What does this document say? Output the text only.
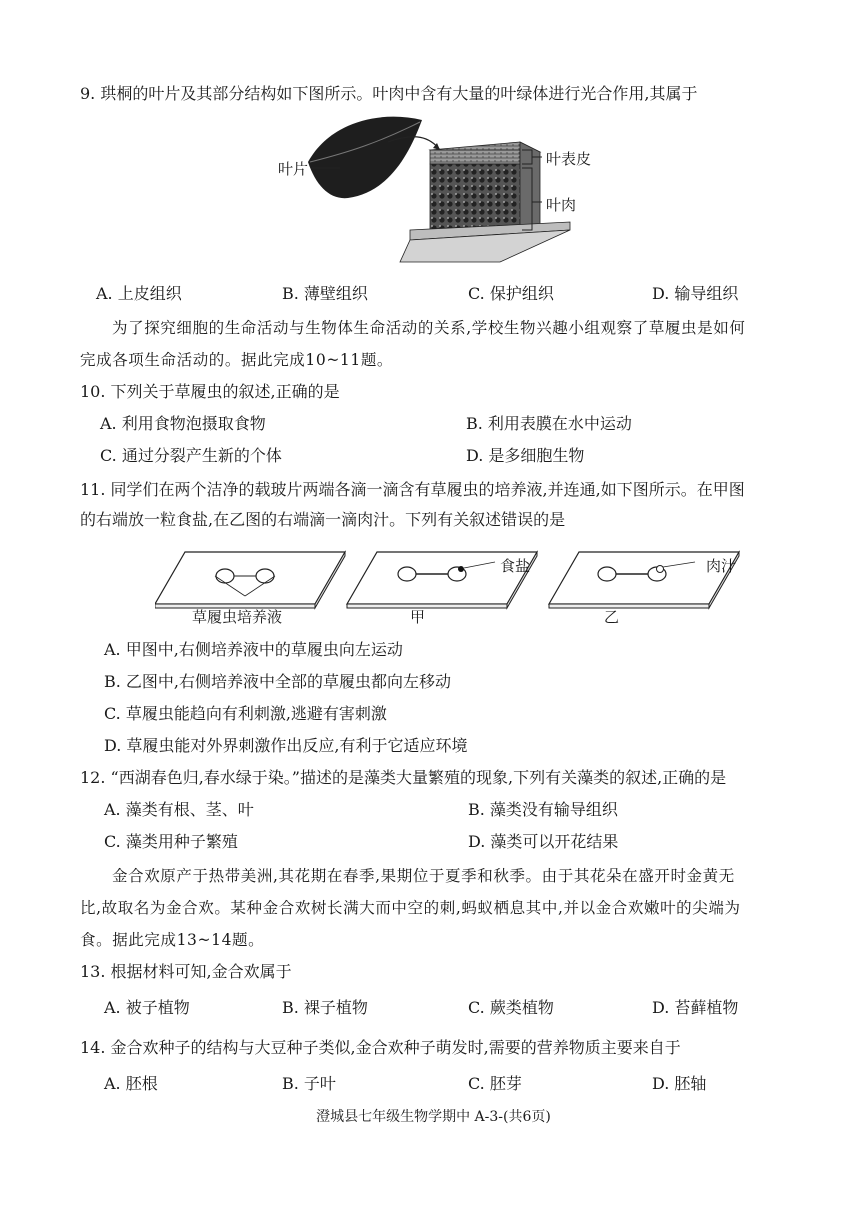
9. 珙桐的叶片及其部分结构如下图所示。叶肉中含有大量的叶绿体进行光合作用,其属于
叶片
叶表皮
叶肉
A. 上皮组织	B. 薄壁组织	C. 保护组织	D. 输导组织
为了探究细胞的生命活动与生物体生命活动的关系,学校生物兴趣小组观察了草履虫是如何
完成各项生命活动的。据此完成10~11题。
10. 下列关于草履虫的叙述,正确的是
A. 利用食物泡摄取食物	B. 利用表膜在水中运动
C. 通过分裂产生新的个体	D. 是多细胞生物
11. 同学们在两个洁净的载玻片两端各滴一滴含有草履虫的培养液,并连通,如下图所示。在甲图
的右端放一粒食盐,在乙图的右端滴一滴肉汁。下列有关叙述错误的是
食盐	肉汁
草履虫培养液	甲	乙
A. 甲图中,右侧培养液中的草履虫向左运动
B. 乙图中,右侧培养液中全部的草履虫都向左移动
C. 草履虫能趋向有利刺激,逃避有害刺激
D. 草履虫能对外界刺激作出反应,有利于它适应环境
12. “西湖春色归,春水绿于染。”描述的是藻类大量繁殖的现象,下列有关藻类的叙述,正确的是
A. 藻类有根、茎、叶	B. 藻类没有输导组织
C. 藻类用种子繁殖	D. 藻类可以开花结果
金合欢原产于热带美洲,其花期在春季,果期位于夏季和秋季。由于其花朵在盛开时金黄无
比,故取名为金合欢。某种金合欢树长满大而中空的刺,蚂蚁栖息其中,并以金合欢嫩叶的尖端为
食。据此完成13~14题。
13. 根据材料可知,金合欢属于
A. 被子植物	B. 裸子植物	C. 蕨类植物	D. 苔藓植物
14. 金合欢种子的结构与大豆种子类似,金合欢种子萌发时,需要的营养物质主要来自于
A. 胚根	B. 子叶	C. 胚芽	D. 胚轴
澄城县七年级生物学期中 A-3-(共6页)
